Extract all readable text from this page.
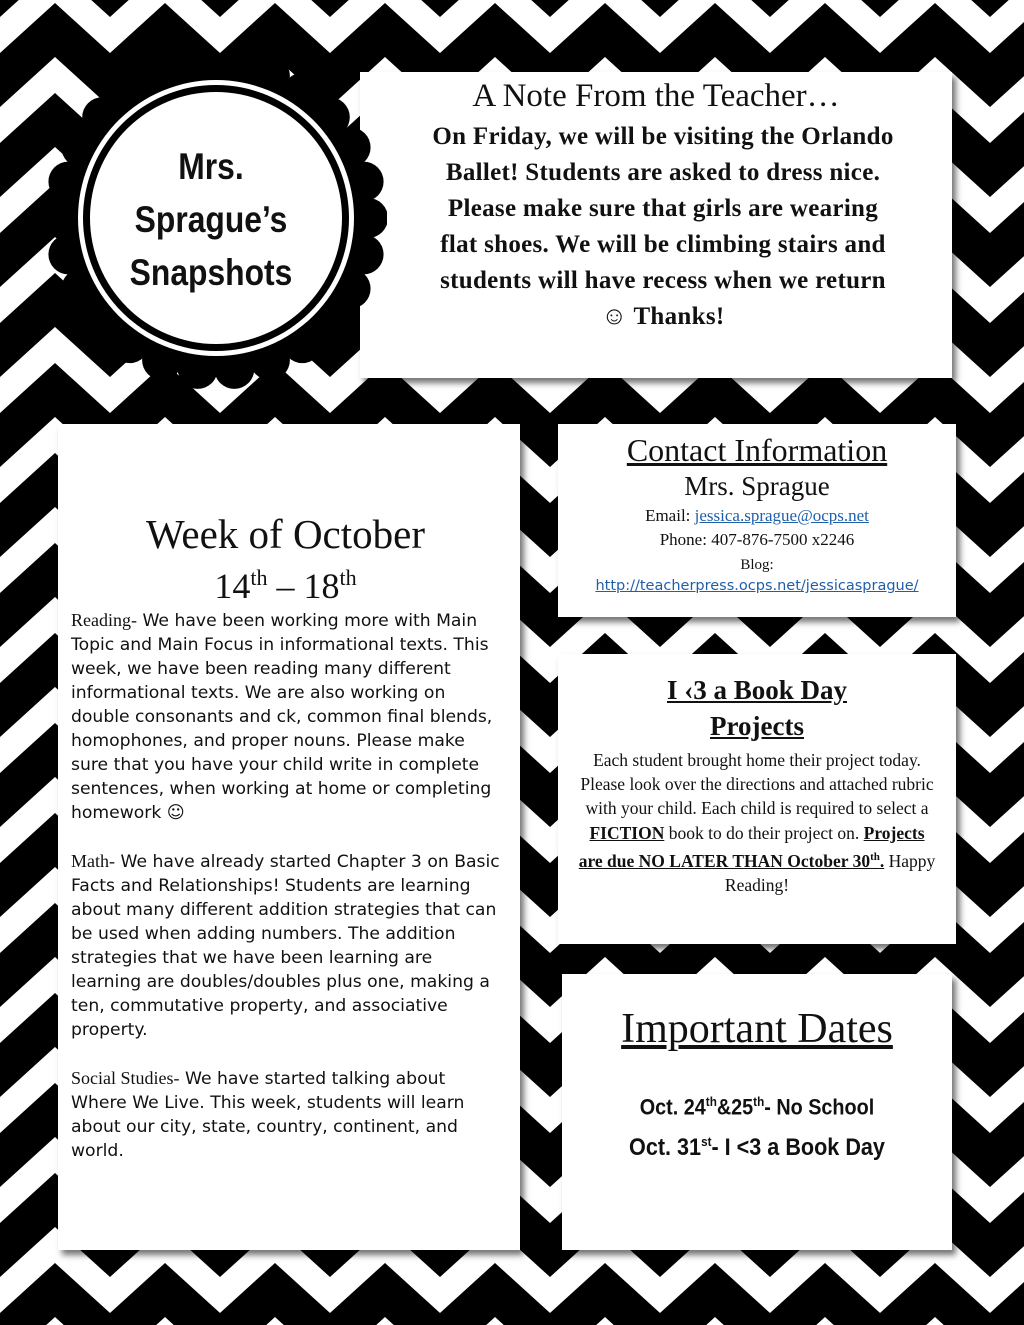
A Note From the Teacher…
On Friday, we will be visiting the Orlando
Ballet! Students are asked to dress nice.
Please make sure that girls are wearing
flat shoes. We will be climbing stairs and
students will have recess when we return
☺ Thanks!
Mrs.
Sprague’s
Snapshots
Week of October
14th – 18th

Reading- We have been working more with Main Topic and Main Focus in informational texts. This week, we have been reading many different informational texts. We are also working on double consonants and ck, common final blends, homophones, and proper nouns. Please make sure that you have your child write in complete sentences, when working at home or completing homework ☺

Math- We have already started Chapter 3 on Basic Facts and Relationships! Students are learning about many different addition strategies that can be used when adding numbers. The addition strategies that we have been learning are learning are doubles/doubles plus one, making a ten, commutative property, and associative property.

Social Studies- We have started talking about Where We Live. This week, students will learn about our city, state, country, continent, and world.

Contact Information
Mrs. Sprague
Email: jessica.sprague@ocps.net
Phone: 407-876-7500 x2246
Blog:
http://teacherpress.ocps.net/jessicasprague/
I ‹3 a Book Day
Projects
Each student brought home their project today. Please look over the directions and attached rubric with your child. Each child is required to select a FICTION book to do their project on. Projects are due NO LATER THAN October 30th. Happy Reading!
Important Dates
Oct. 24th&25th- No School
Oct. 31st- I <3 a Book Day
